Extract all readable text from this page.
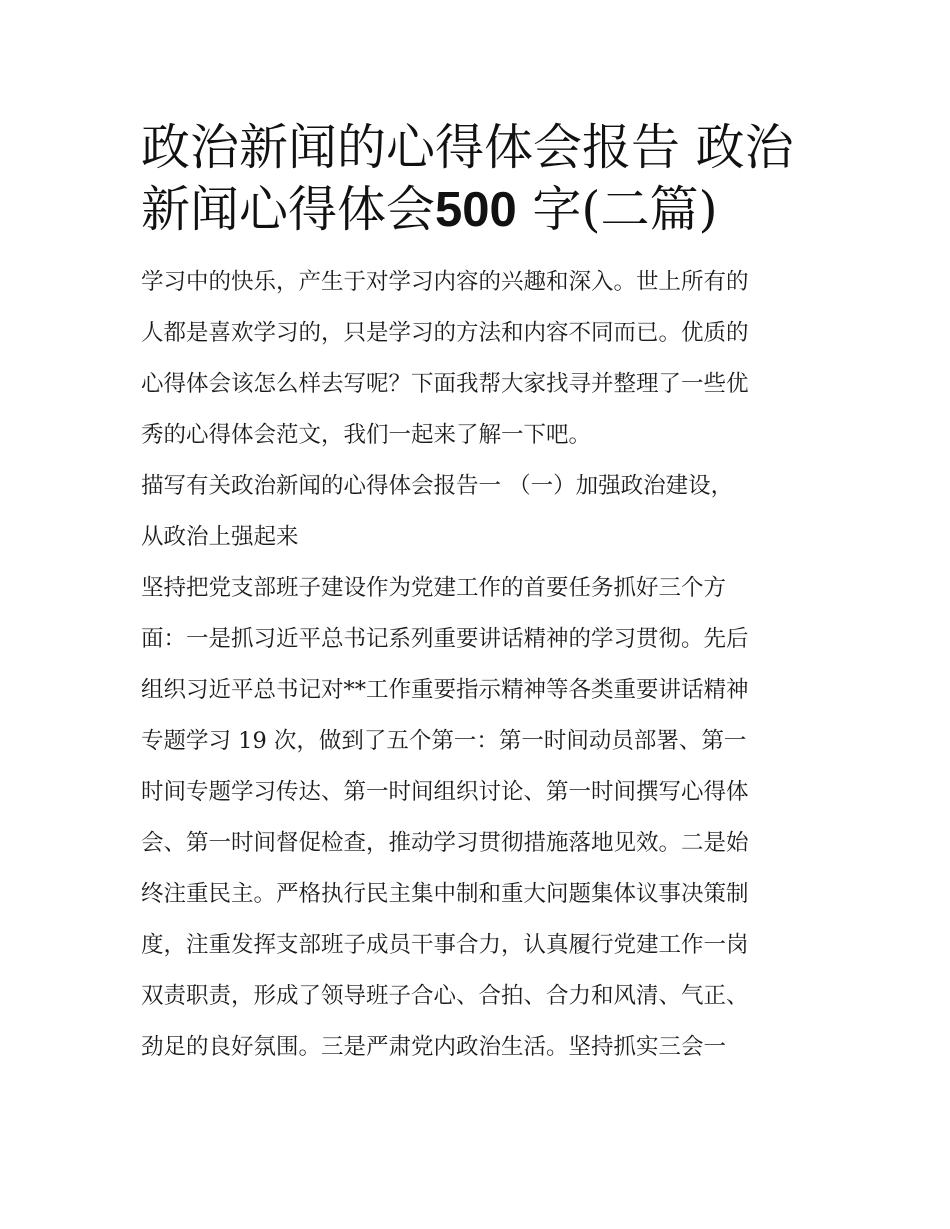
政治新闻的心得体会报告 政治
新闻心得体会500 字(二篇)

学习中的快乐，产生于对学习内容的兴趣和深入。世上所有的
人都是喜欢学习的，只是学习的方法和内容不同而已。优质的
心得体会该怎么样去写呢？下面我帮大家找寻并整理了一些优
秀的心得体会范文，我们一起来了解一下吧。

描写有关政治新闻的心得体会报告一 （一）加强政治建设，
从政治上强起来

坚持把党支部班子建设作为党建工作的首要任务抓好三个方
面：一是抓习近平总书记系列重要讲话精神的学习贯彻。先后
组织习近平总书记对**工作重要指示精神等各类重要讲话精神
专题学习 19 次，做到了五个第一：第一时间动员部署、第一
时间专题学习传达、第一时间组织讨论、第一时间撰写心得体
会、第一时间督促检查，推动学习贯彻措施落地见效。二是始
终注重民主。严格执行民主集中制和重大问题集体议事决策制
度，注重发挥支部班子成员干事合力，认真履行党建工作一岗
双责职责，形成了领导班子合心、合拍、合力和风清、气正、
劲足的良好氛围。三是严肃党内政治生活。坚持抓实三会一
